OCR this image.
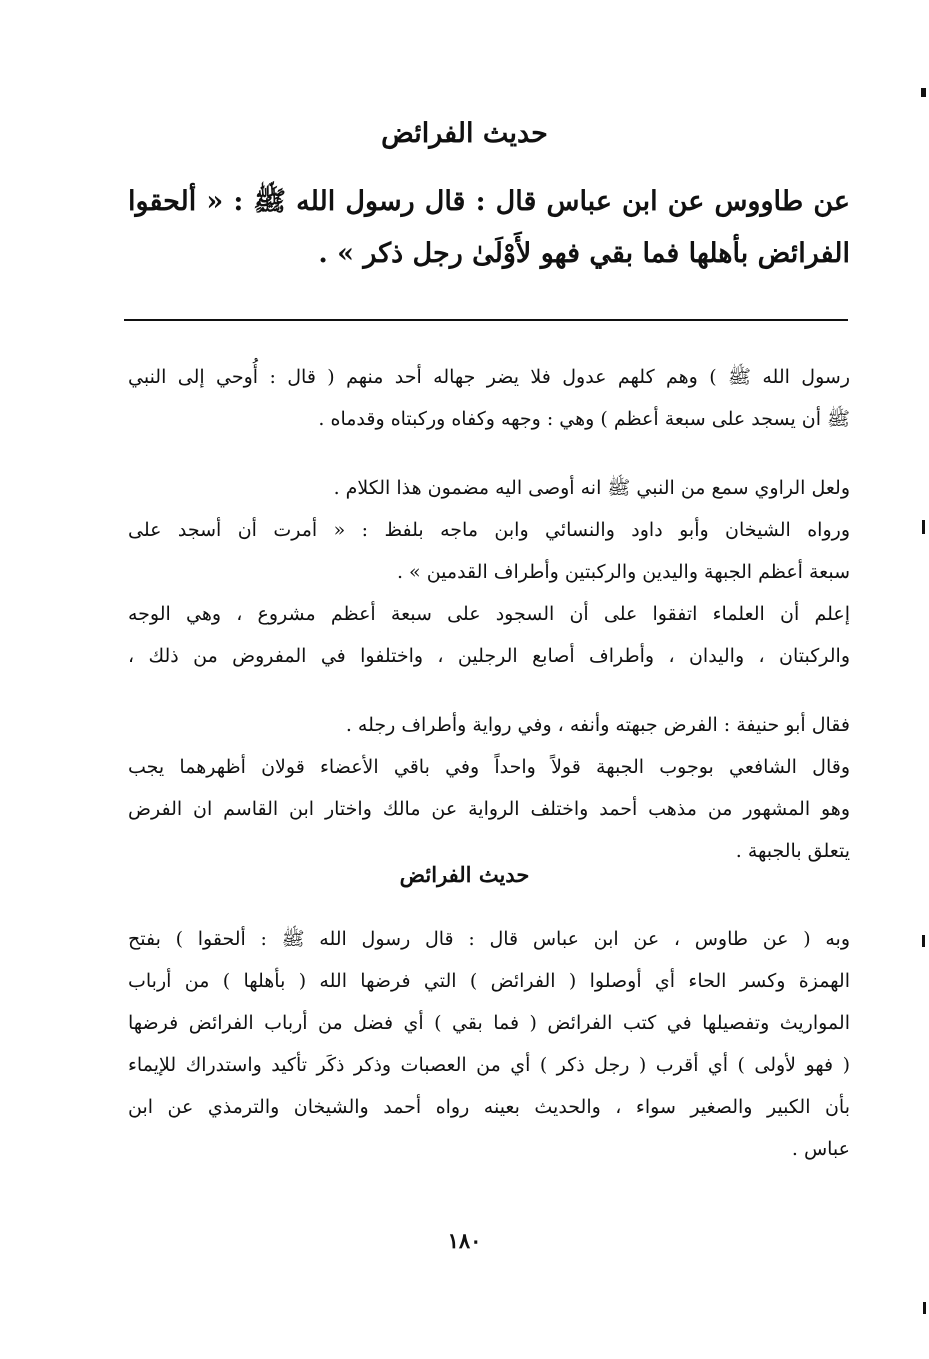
حديث الفرائض
عن طاووس عن ابن عباس قال : قال رسول الله ﷺ : « ألحقوا
الفرائض بأهلها فما بقي فهو لأَوْلَىٰ رجل ذكر » .
رسول الله ﷺ ) وهم كلهم عدول فلا يضر جهاله أحد منهم ( قال : أُوحي إلى النبي
ﷺ أن يسجد على سبعة أعظم ) وهي : وجهه وكفاه وركبتاه وقدماه .
ولعل الراوي سمع من النبي ﷺ انه أوصى اليه مضمون هذا الكلام .
ورواه الشيخان وأبو داود والنسائي وابن ماجه بلفظ : « أمرت أن أسجد على
سبعة أعظم الجبهة واليدين والركبتين وأطراف القدمين » .
إعلم أن العلماء اتفقوا على أن السجود على سبعة أعظم مشروع ، وهي الوجه
والركبتان ، واليدان ، وأطراف أصابع الرجلين ، واختلفوا في المفروض من ذلك ،
فقال أبو حنيفة : الفرض جبهته وأنفه ، وفي رواية وأطراف رجله .
وقال الشافعي بوجوب الجبهة قولاً واحداً وفي باقي الأعضاء قولان أظهرهما يجب
وهو المشهور من مذهب أحمد واختلف الرواية عن مالك واختار ابن القاسم ان الفرض
يتعلق بالجبهة .
حديث الفرائض
وبه ( عن طاوس ، عن ابن عباس قال : قال رسول الله ﷺ : ألحقوا ) بفتح
الهمزة وكسر الحاء أي أوصلوا ( الفرائض ) التي فرضها الله ( بأهلها ) من أرباب
المواريث وتفصيلها في كتب الفرائض ( فما بقي ) أي فضل من أرباب الفرائض فرضها
( فهو لأولى ) أي أقرب ( رجل ذكر ) أي من العصبات وذكر ذكَر تأكيد واستدراك للإيماء
بأن الكبير والصغير سواء ، والحديث بعينه رواه أحمد والشيخان والترمذي عن ابن
عباس .
١٨٠
